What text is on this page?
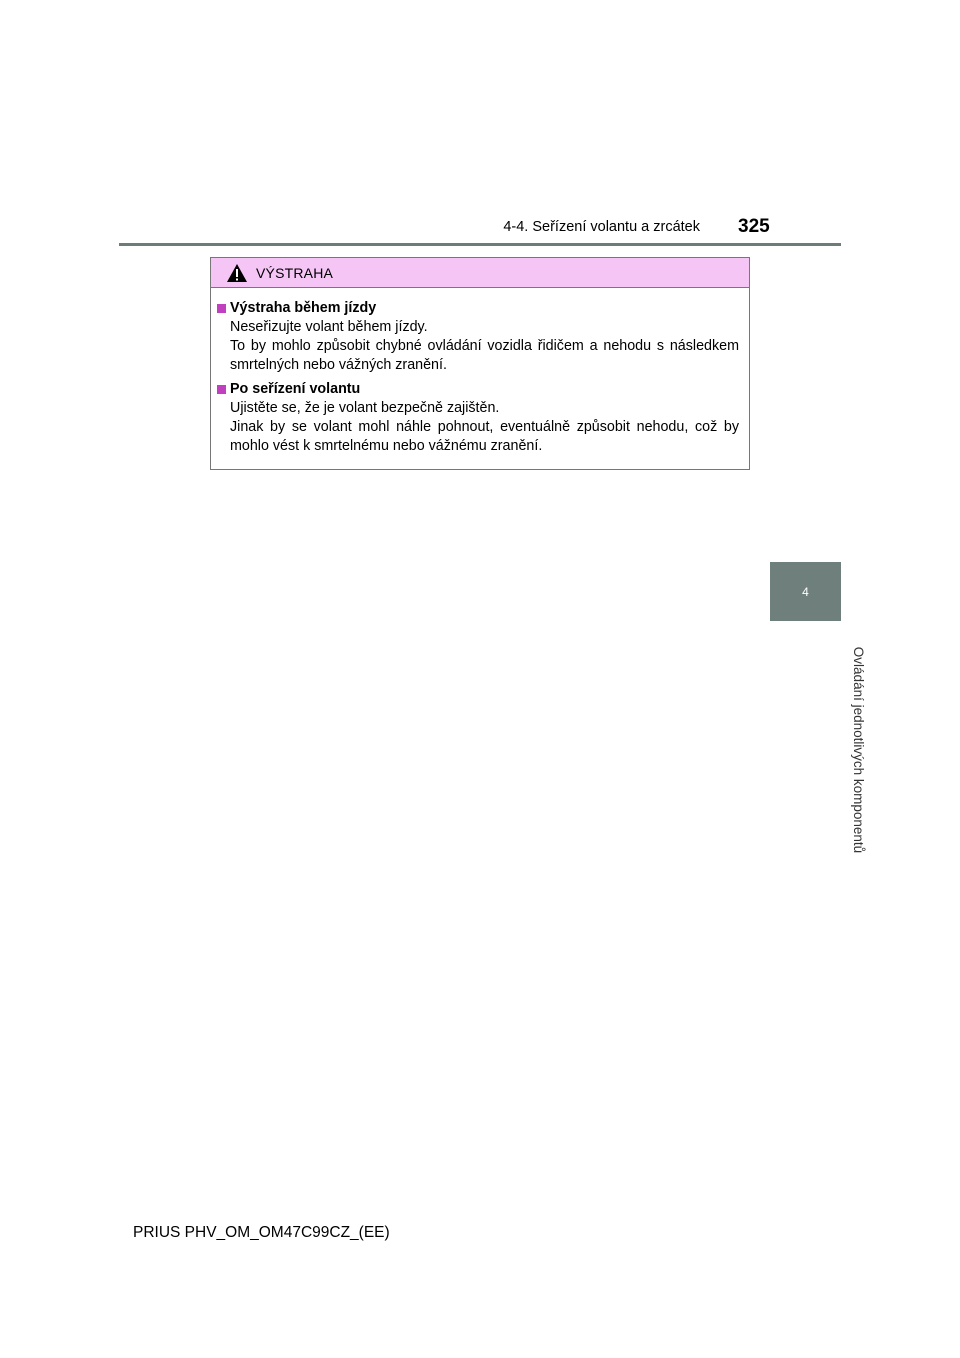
4-4. Seřízení volantu a zrcátek 325
4
Ovládání jednotlivých komponentů
VÝSTRAHA
Výstraha během jízdy

Neseřizujte volant během jízdy.

To by mohlo způsobit chybné ovládání vozidla řidičem a nehodu s následkem smrtelných nebo vážných zranění.

Po seřízení volantu

Ujistěte se, že je volant bezpečně zajištěn.

Jinak by se volant mohl náhle pohnout, eventuálně způsobit nehodu, což by mohlo vést k smrtelnému nebo vážnému zranění.

PRIUS PHV_OM_OM47C99CZ_(EE)
